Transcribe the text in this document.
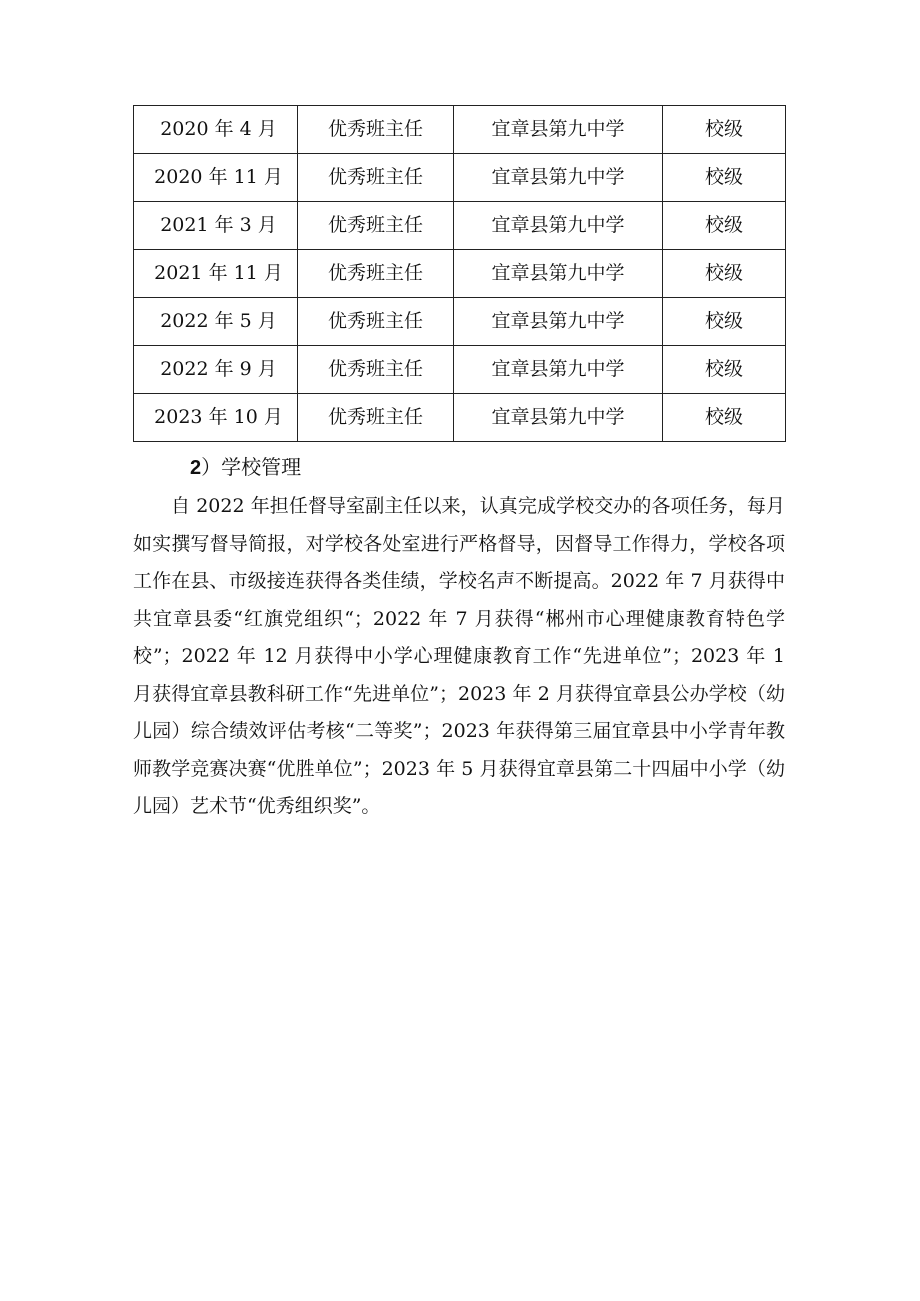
2020 年 4 月	优秀班主任	宜章县第九中学	校级
2020 年 11 月	优秀班主任	宜章县第九中学	校级
2021 年 3 月	优秀班主任	宜章县第九中学	校级
2021 年 11 月	优秀班主任	宜章县第九中学	校级
2022 年 5 月	优秀班主任	宜章县第九中学	校级
2022 年 9 月	优秀班主任	宜章县第九中学	校级
2023 年 10 月	优秀班主任	宜章县第九中学	校级
2）学校管理

自 2022 年担任督导室副主任以来，认真完成学校交办的各项任务，每月如实撰写督导简报，对学校各处室进行严格督导，因督导工作得力，学校各项工作在县、市级接连获得各类佳绩，学校名声不断提高。2022 年 7 月获得中共宜章县委“红旗党组织“；2022 年 7 月获得“郴州市心理健康教育特色学校”；2022 年 12 月获得中小学心理健康教育工作“先进单位”；2023 年 1 月获得宜章县教科研工作“先进单位”；2023 年 2 月获得宜章县公办学校（幼儿园）综合绩效评估考核“二等奖”；2023 年获得第三届宜章县中小学青年教师教学竞赛决赛“优胜单位”；2023 年 5 月获得宜章县第二十四届中小学（幼儿园）艺术节“优秀组织奖”。
